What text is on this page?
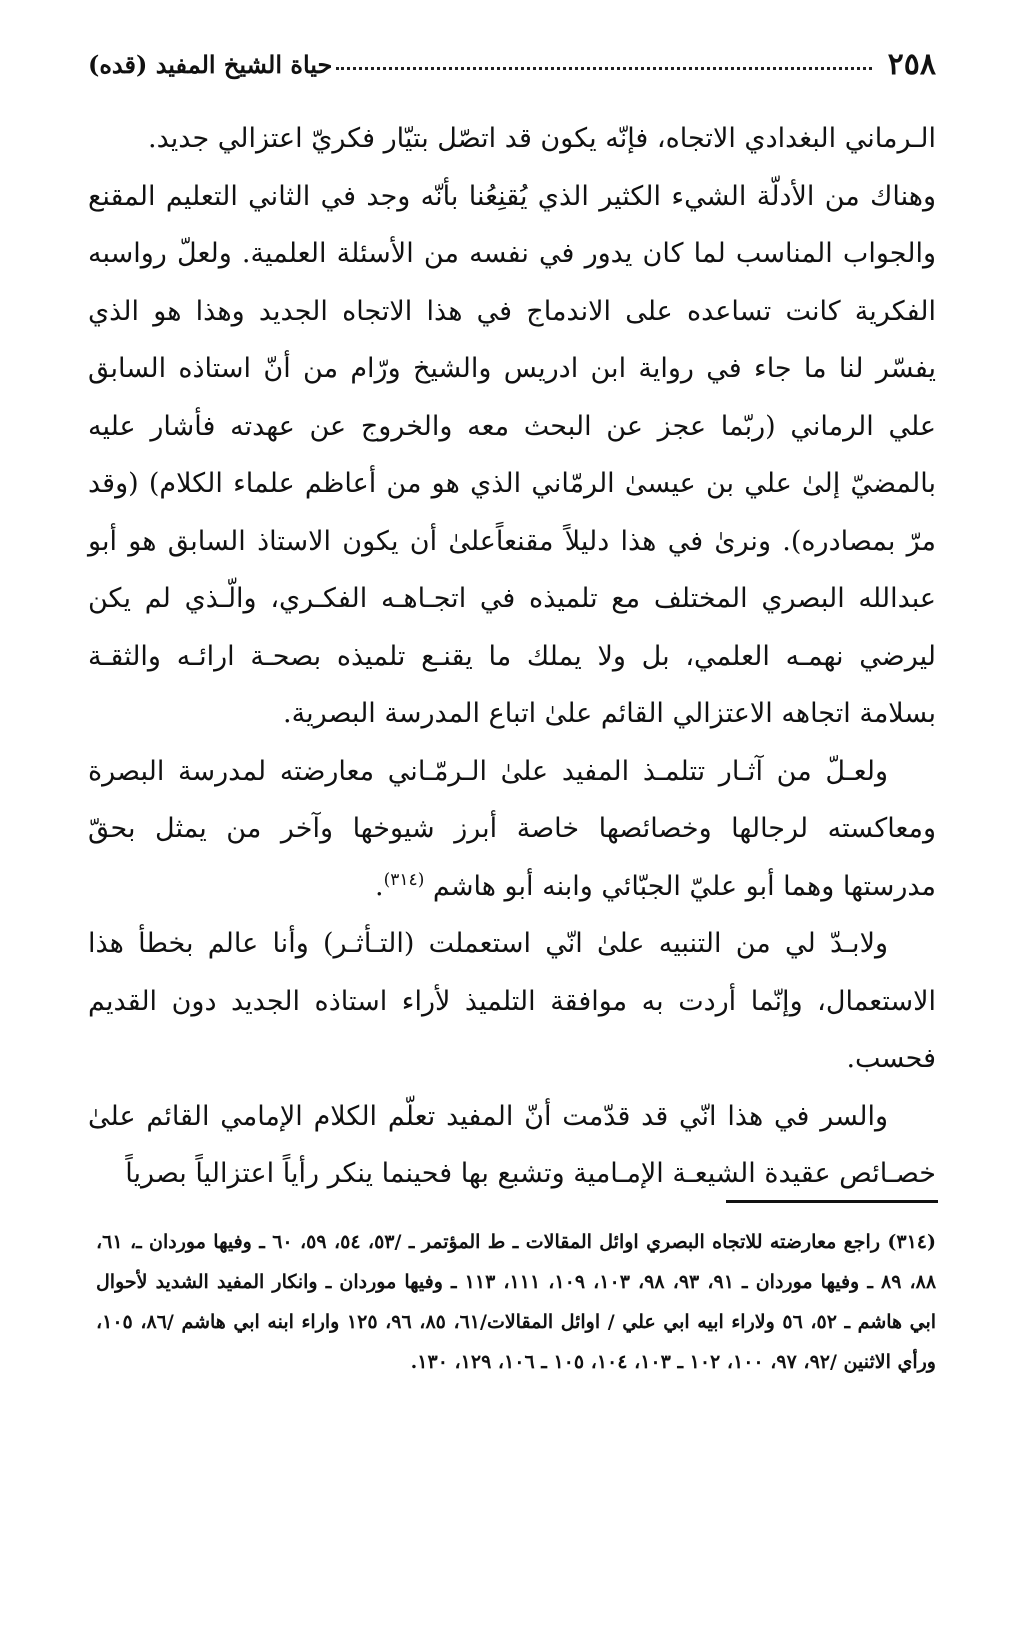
٢٥٨
حياة الشيخ المفيد (قده)

الـرماني البغدادي الاتجاه، فإنّه يكون قد اتصّل بتيّار فكريّ اعتزالي جديد.

وهناك من الأدلّة الشيء الكثير الذي يُقنِعُنا بأنّه وجد في الثاني التعليم المقنع والجواب المناسب لما كان يدور في نفسه من الأسئلة العلمية. ولعلّ رواسبه الفكرية كانت تساعده على الاندماج في هذا الاتجاه الجديد وهذا هو الذي يفسّر لنا ما جاء في رواية ابن ادريس والشيخ ورّام من أنّ استاذه السابق علي الرماني (ربّما عجز عن البحث معه والخروج عن عهدته فأشار عليه بالمضيّ إلىٰ علي بن عيسىٰ الرمّاني الذي هو من أعاظم علماء الكلام) (وقد مرّ بمصادره). ونرىٰ في هذا دليلاً مقنعاًعلىٰ أن يكون الاستاذ السابق هو أبو عبدالله البصري المختلف مع تلميذه في اتجـاهـه الفكـري، والّـذي لم يكن ليرضي نهمـه العلمي، بل ولا يملك ما يقنـع تلميذه بصحـة ارائـه والثقـة بسلامة اتجاهه الاعتزالي القائم علىٰ اتباع المدرسة البصرية.

ولعـلّ من آثـار تتلمـذ المفيد علىٰ الـرمّـاني معارضته لمدرسة البصرة ومعاكسته لرجالها وخصائصها خاصة أبرز شيوخها وآخر من يمثل بحقّ مدرستها وهما أبو عليّ الجبّائي وابنه أبو هاشم $^{(٣١٤)}$.

ولابـدّ لي من التنبيه علىٰ انّي استعملت (التـأثـر) وأنا عالم بخطأ هذا الاستعمال، وإنّما أردت به موافقة التلميذ لأراء استاذه الجديد دون القديم فحسب.

والسر في هذا انّي قد قدّمت أنّ المفيد تعلّم الكلام الإمامي القائم علىٰ خصـائص عقيدة الشيعـة الإمـامية وتشبع بها فحينما ينكر رأياً اعتزالياً بصرياً

(٣١٤) راجع معارضته للاتجاه البصري اوائل المقالات ـ ط المؤتمر ـ /٥٣، ٥٤، ٥٩، ٦٠ ـ وفيها موردان ـ، ٦١، ٨٨، ٨٩ ـ وفيها موردان ـ ٩١، ٩٣، ٩٨، ١٠٣، ١٠٩، ١١١، ١١٣ ـ وفيها موردان ـ وانكار المفيد الشديد لأحوال ابي هاشم ـ ٥٢، ٥٦ ولاراء ابيه ابي علي / اوائل المقالات/٦١، ٨٥، ٩٦، ١٢٥ واراء ابنه ابي هاشم /٨٦، ١٠٥، ورأي الاثنين /٩٢، ٩٧، ١٠٠، ١٠٢ ـ ١٠٣، ١٠٤، ١٠٥ ـ ١٠٦، ١٢٩، ١٣٠.
